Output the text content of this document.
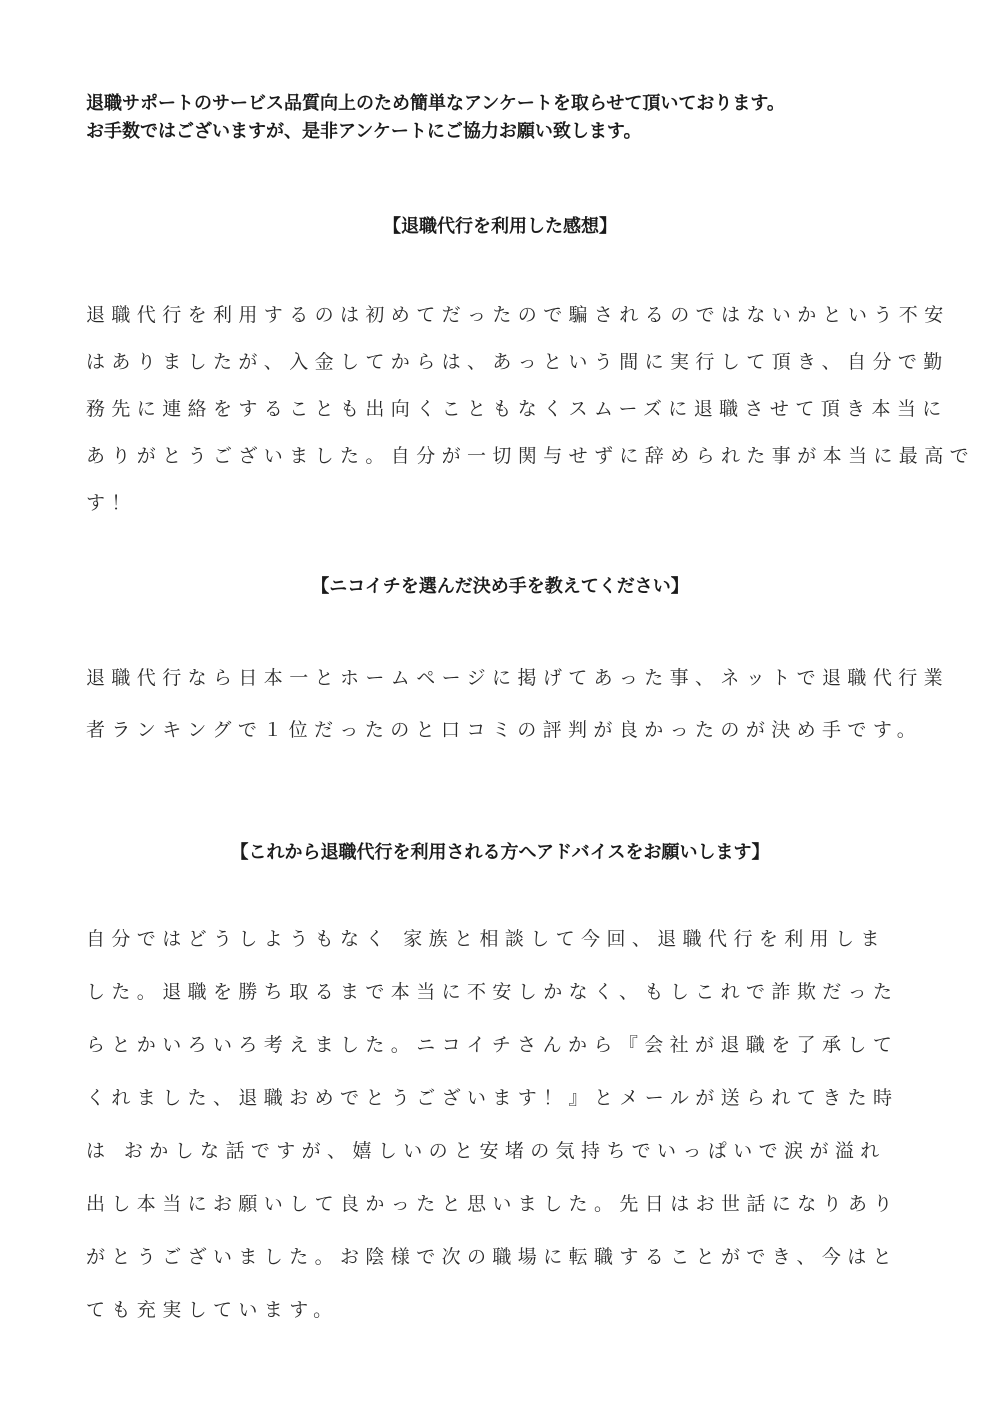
退職サポートのサービス品質向上のため簡単なアンケートを取らせて頂いております。
お手数ではございますが、是非アンケートにご協力お願い致します。
【退職代行を利用した感想】
退職代行を利用するのは初めてだったので騙されるのではないかという不安
はありましたが、入金してからは、あっという間に実行して頂き、自分で勤
務先に連絡をすることも出向くこともなくスムーズに退職させて頂き本当に
ありがとうございました。自分が一切関与せずに辞められた事が本当に最高で
す！
【ニコイチを選んだ決め手を教えてください】
退職代行なら日本一とホームページに掲げてあった事、ネットで退職代行業
者ランキングで１位だったのと口コミの評判が良かったのが決め手です。
【これから退職代行を利用される方へアドバイスをお願いします】
自分ではどうしようもなく 家族と相談して今回、退職代行を利用しま
した。退職を勝ち取るまで本当に不安しかなく、もしこれで詐欺だった
らとかいろいろ考えました。ニコイチさんから『会社が退職を了承して
くれました、退職おめでとうございます！』とメールが送られてきた時
は おかしな話ですが、嬉しいのと安堵の気持ちでいっぱいで涙が溢れ
出し本当にお願いして良かったと思いました。先日はお世話になりあり
がとうございました。お陰様で次の職場に転職することができ、今はと
ても充実しています。
